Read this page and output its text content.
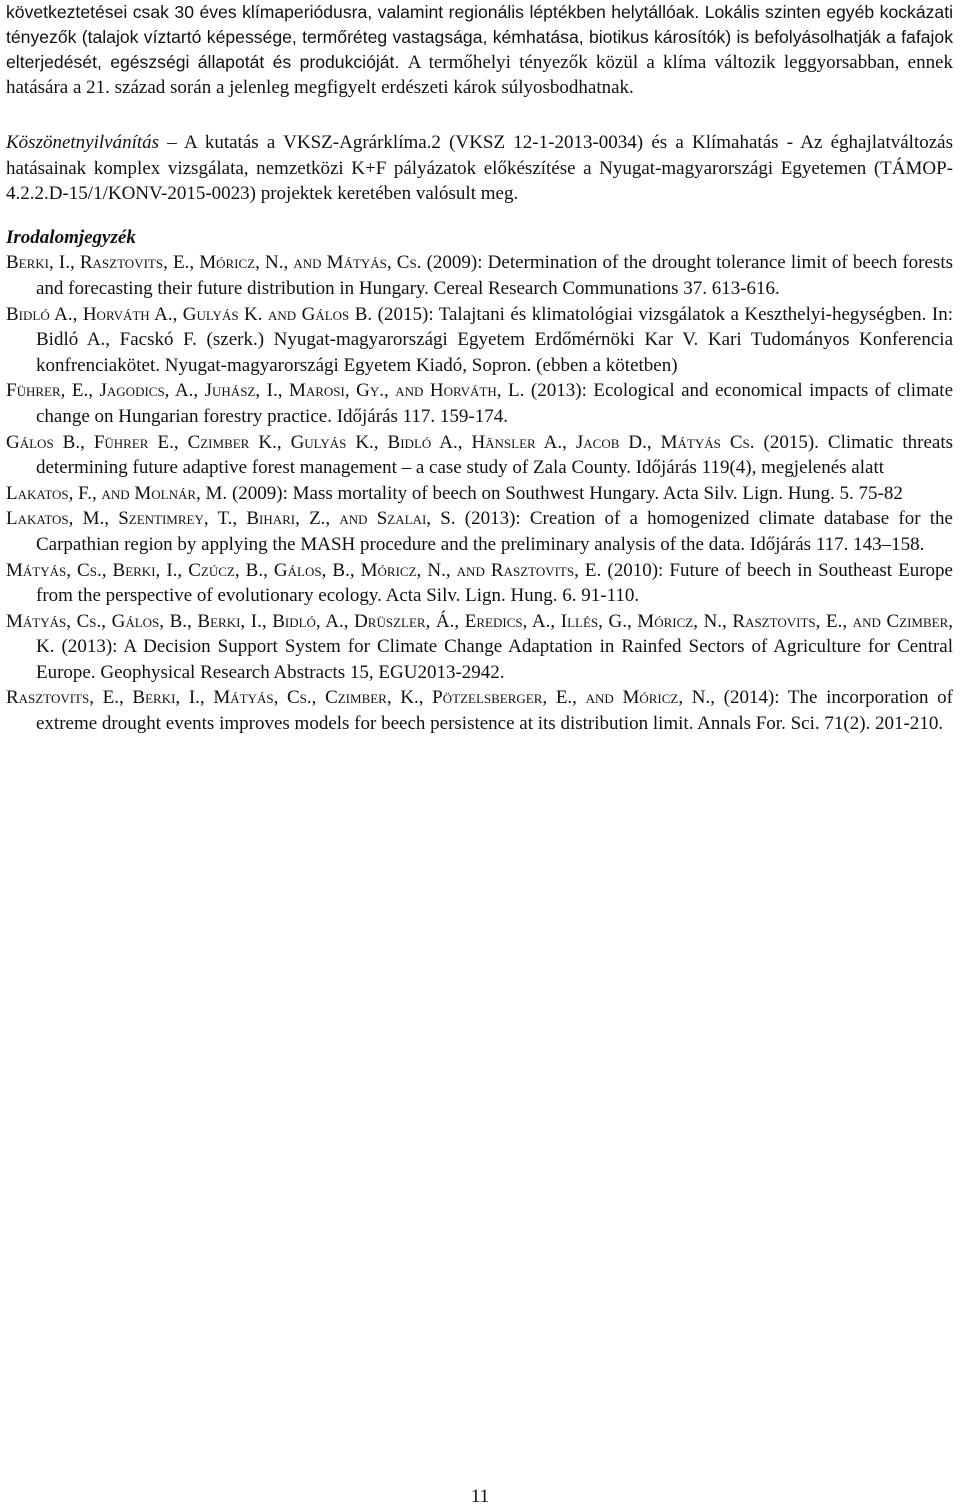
következtetései csak 30 éves klímaperiódusra, valamint regionális léptékben helytállóak. Lokális szinten egyéb kockázati tényezők (talajok víztartó képessége, termőréteg vastagsága, kémhatása, biotikus károsítók) is befolyásolhatják a fafajok elterjedését, egészségi állapotát és produkcióját. A termőhelyi tényezők közül a klíma változik leggyorsabban, ennek hatására a 21. század során a jelenleg megfigyelt erdészeti károk súlyosbodhatnak.

Köszönetnyilvánítás – A kutatás a VKSZ-Agrárklíma.2 (VKSZ 12-1-2013-0034) és a Klímahatás - Az éghajlatváltozás hatásainak komplex vizsgálata, nemzetközi K+F pályázatok előkészítése a Nyugat-magyarországi Egyetemen (TÁMOP-4.2.2.D-15/1/KONV-2015-0023) projektek keretében valósult meg.

Irodalomjegyzék

Berki, I., Rasztovits, E., Móricz, N., and Mátyás, Cs. (2009): Determination of the drought tolerance limit of beech forests and forecasting their future distribution in Hungary. Cereal Research Communations 37. 613-616.

Bidló A., Horváth A., Gulyás K. and Gálos B. (2015): Talajtani és klimatológiai vizsgálatok a Keszthelyi-hegységben. In: Bidló A., Facskó F. (szerk.) Nyugat-magyarországi Egyetem Erdőmérnöki Kar V. Kari Tudományos Konferencia konfrenciakötet. Nyugat-magyarországi Egyetem Kiadó, Sopron. (ebben a kötetben)

Führer, E., Jagodics, A., Juhász, I., Marosi, Gy., and Horváth, L. (2013): Ecological and economical impacts of climate change on Hungarian forestry practice. Időjárás 117. 159-174.

Gálos B., Führer E., Czimber K., Gulyás K., Bidló A., Hänsler A., Jacob D., Mátyás Cs. (2015). Climatic threats determining future adaptive forest management – a case study of Zala County. Időjárás 119(4), megjelenés alatt

Lakatos, F., and Molnár, M. (2009): Mass mortality of beech on Southwest Hungary. Acta Silv. Lign. Hung. 5. 75-82

Lakatos, M., Szentimrey, T., Bihari, Z., and Szalai, S. (2013): Creation of a homogenized climate database for the Carpathian region by applying the MASH procedure and the preliminary analysis of the data. Időjárás 117. 143–158.

Mátyás, Cs., Berki, I., Czúcz, B., Gálos, B., Móricz, N., and Rasztovits, E. (2010): Future of beech in Southeast Europe from the perspective of evolutionary ecology. Acta Silv. Lign. Hung. 6. 91-110.

Mátyás, Cs., Gálos, B., Berki, I., Bidló, A., Drüszler, Á., Eredics, A., Illés, G., Móricz, N., Rasztovits, E., and Czimber, K. (2013): A Decision Support System for Climate Change Adaptation in Rainfed Sectors of Agriculture for Central Europe. Geophysical Research Abstracts 15, EGU2013-2942.

Rasztovits, E., Berki, I., Mátyás, Cs., Czimber, K., Pötzelsberger, E., and Móricz, N., (2014): The incorporation of extreme drought events improves models for beech persistence at its distribution limit. Annals For. Sci. 71(2). 201-210.

11
